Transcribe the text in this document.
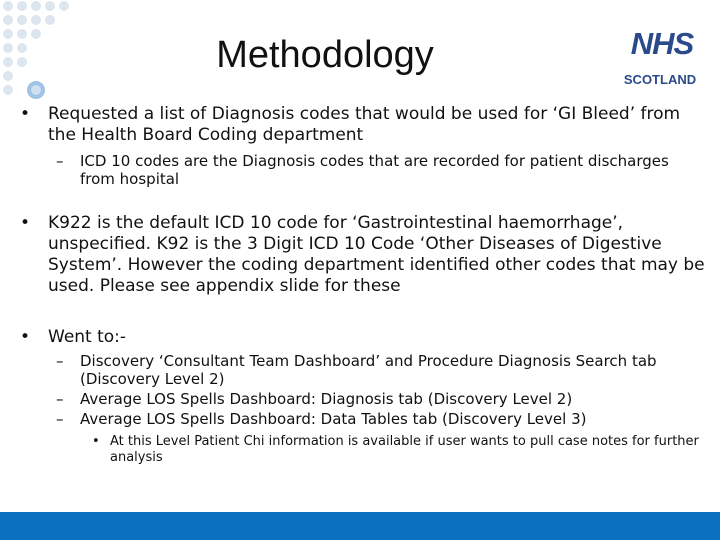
Methodology	NHS
SCOTLAND
• Requested a list of Diagnosis codes that would be used for ‘GI Bleed’ from the Health Board Coding department
– ICD 10 codes are the Diagnosis codes that are recorded for patient discharges from hospital
• K922 is the default ICD 10 code for ‘Gastrointestinal haemorrhage’, unspecified. K92 is the 3 Digit ICD 10 Code ‘Other Diseases of Digestive System’. However the coding department identified other codes that may be used. Please see appendix slide for these
• Went to:-
– Discovery ‘Consultant Team Dashboard’ and Procedure Diagnosis Search tab (Discovery Level 2)
– Average LOS Spells Dashboard: Diagnosis tab (Discovery Level 2)
– Average LOS Spells Dashboard: Data Tables tab (Discovery Level 3)
• At this Level Patient Chi information is available if user wants to pull case notes for further analysis
